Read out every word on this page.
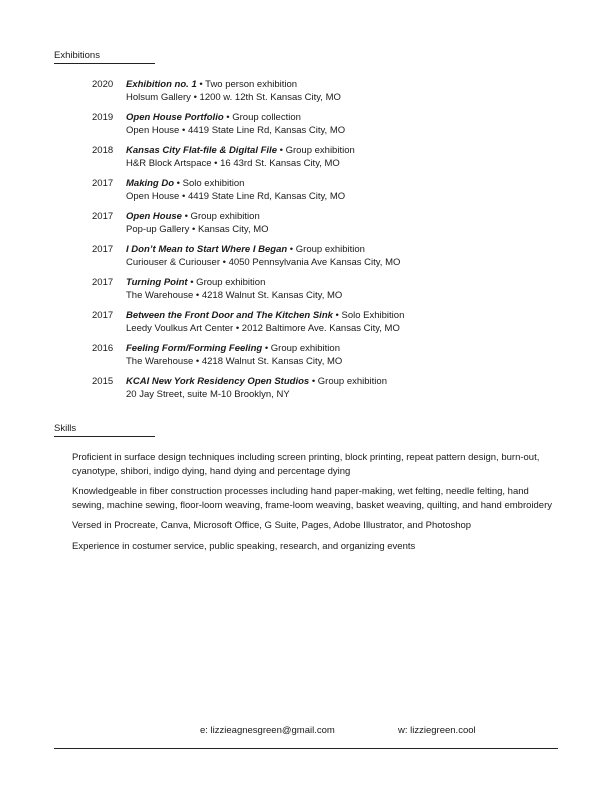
Exhibitions
2020	Exhibition no. 1 • Two person exhibition
Holsum Gallery • 1200 w. 12th St. Kansas City, MO
2019	Open House Portfolio • Group collection
Open House • 4419 State Line Rd, Kansas City, MO
2018	Kansas City Flat-file & Digital File • Group exhibition
H&R Block Artspace • 16 43rd St. Kansas City, MO
2017	Making Do • Solo exhibition
Open House • 4419 State Line Rd, Kansas City, MO
2017	Open House • Group exhibition
Pop-up Gallery • Kansas City, MO
2017	I Don’t Mean to Start Where I Began • Group exhibition
Curiouser & Curiouser • 4050 Pennsylvania Ave Kansas City, MO
2017	Turning Point • Group exhibition
The Warehouse • 4218 Walnut St. Kansas City, MO
2017	Between the Front Door and The Kitchen Sink • Solo Exhibition
Leedy Voulkus Art Center • 2012 Baltimore Ave. Kansas City, MO
2016	Feeling Form/Forming Feeling • Group exhibition
The Warehouse • 4218 Walnut St. Kansas City, MO
2015	KCAI New York Residency Open Studios • Group exhibition
20 Jay Street, suite M-10 Brooklyn, NY
Skills

Proficient in surface design techniques including screen printing, block printing, repeat pattern design, burn-out, cyanotype, shibori, indigo dying, hand dying and percentage dying

Knowledgeable in fiber construction processes including hand paper-making, wet felting, needle felting, hand sewing, machine sewing, floor-loom weaving, frame-loom weaving, basket weaving, quilting, and hand embroidery

Versed in Procreate, Canva, Microsoft Office, G Suite, Pages, Adobe Illustrator, and Photoshop

Experience in costumer service, public speaking, research, and organizing events

e: lizzieagnesgreen@gmail.com	w: lizziegreen.cool
